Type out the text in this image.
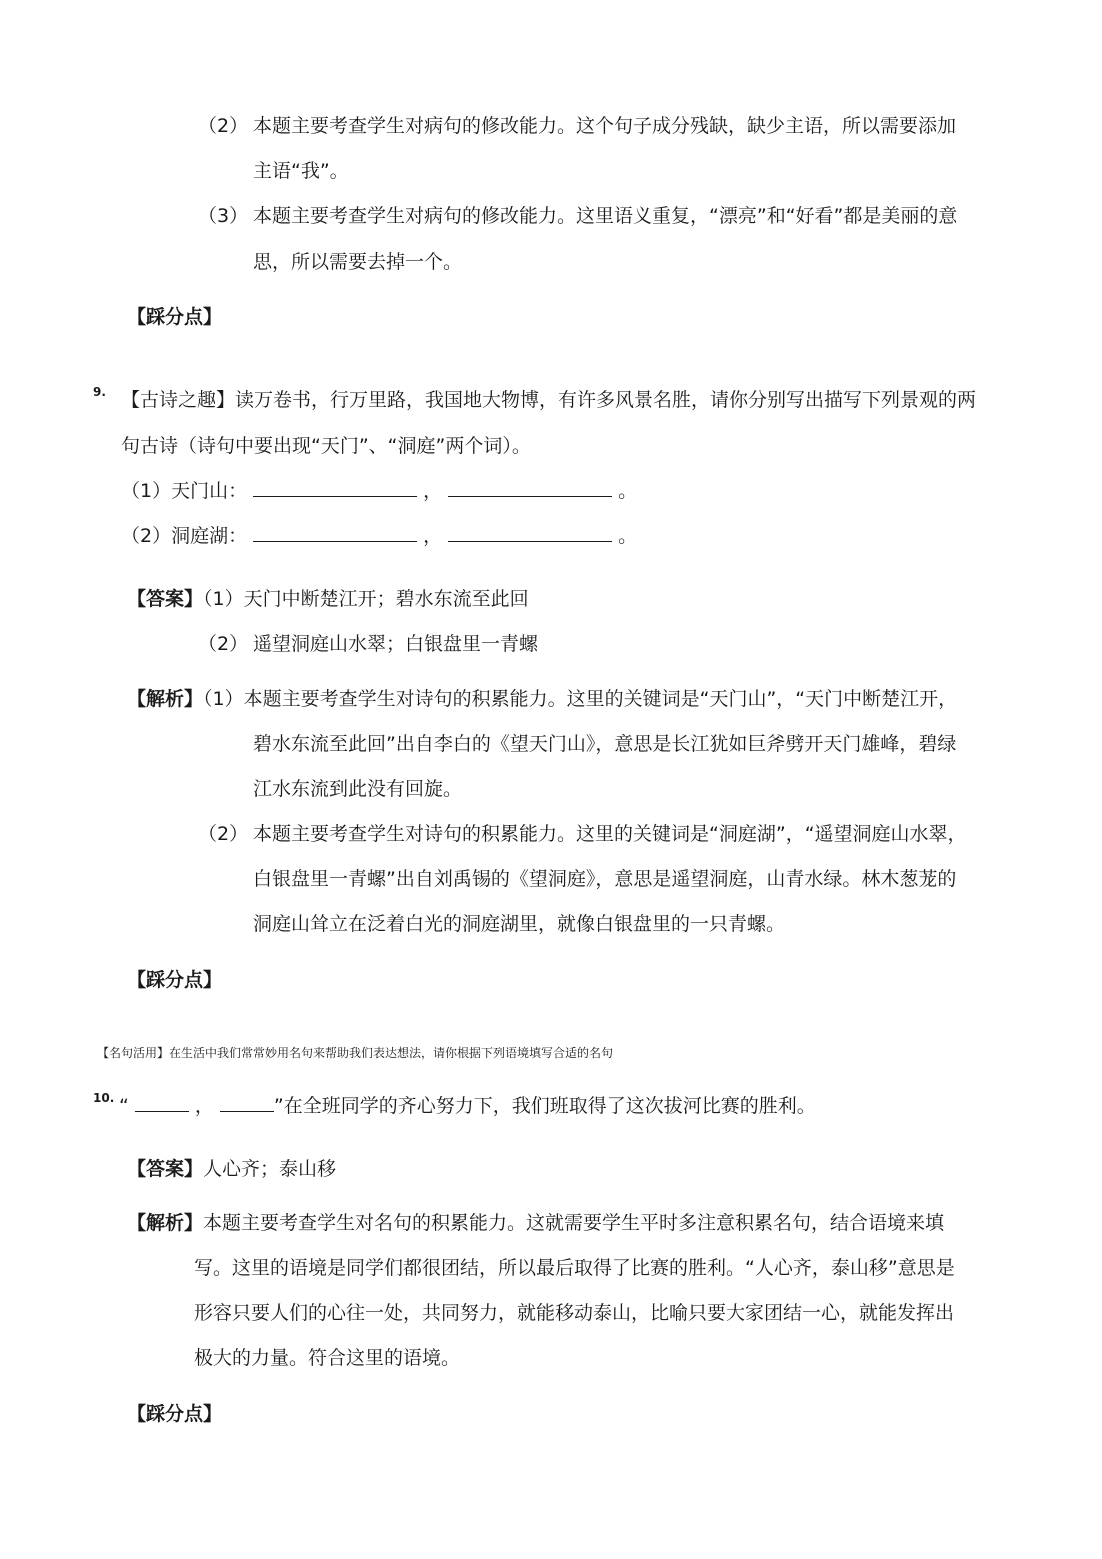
（2） 本题主要考查学生对病句的修改能力。这个句子成分残缺，缺少主语，所以需要添加
主语“我”。
（3） 本题主要考查学生对病句的修改能力。这里语义重复，“漂亮”和“好看”都是美丽的意
思，所以需要去掉一个。
【踩分点】
9. 【古诗之趣】读万卷书，行万里路，我国地大物博，有许多风景名胜，请你分别写出描写下列景观的两
句古诗（诗句中要出现“天门”、“洞庭”两个词）。
（1）天门山：	，	。
（2）洞庭湖：	，	。
【答案】（1）天门中断楚江开；碧水东流至此回
（2） 遥望洞庭山水翠；白银盘里一青螺
【解析】（1）本题主要考查学生对诗句的积累能力。这里的关键词是“天门山”，“天门中断楚江开，
碧水东流至此回”出自李白的《望天门山》，意思是长江犹如巨斧劈开天门雄峰，碧绿
江水东流到此没有回旋。
（2） 本题主要考查学生对诗句的积累能力。这里的关键词是“洞庭湖”，“遥望洞庭山水翠，
白银盘里一青螺”出自刘禹锡的《望洞庭》，意思是遥望洞庭，山青水绿。林木葱茏的
洞庭山耸立在泛着白光的洞庭湖里，就像白银盘里的一只青螺。
【踩分点】
【名句活用】在生活中我们常常妙用名句来帮助我们表达想法，请你根据下列语境填写合适的名句
10. “	，	”在全班同学的齐心努力下，我们班取得了这次拔河比赛的胜利。
【答案】人心齐；泰山移
【解析】本题主要考查学生对名句的积累能力。这就需要学生平时多注意积累名句，结合语境来填
写。这里的语境是同学们都很团结，所以最后取得了比赛的胜利。“人心齐，泰山移”意思是
形容只要人们的心往一处，共同努力，就能移动泰山，比喻只要大家团结一心，就能发挥出
极大的力量。符合这里的语境。
【踩分点】
